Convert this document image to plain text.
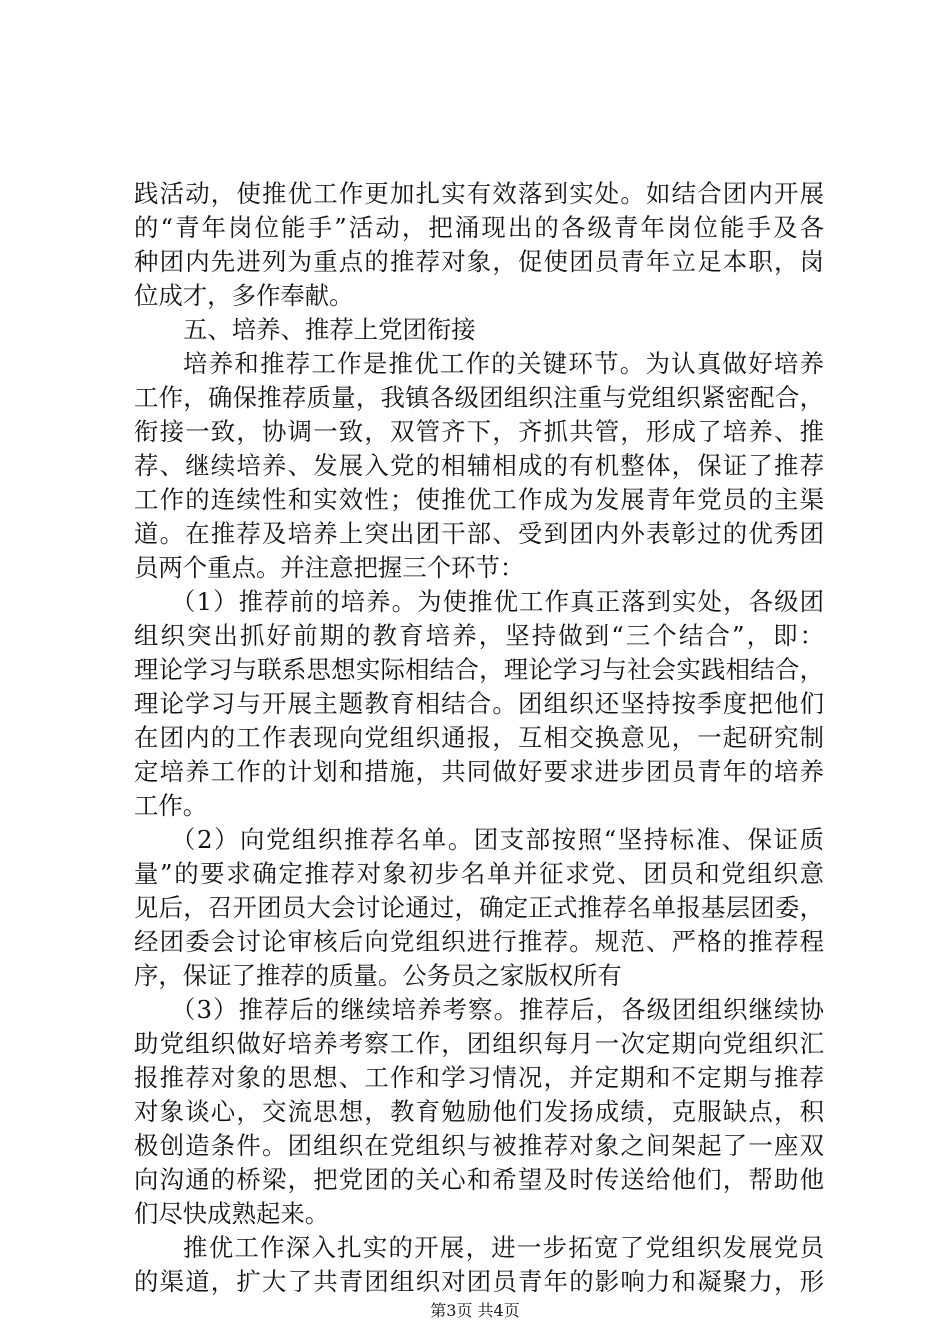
践活动，使推优工作更加扎实有效落到实处。如结合团内开展
的“青年岗位能手”活动，把涌现出的各级青年岗位能手及各
种团内先进列为重点的推荐对象，促使团员青年立足本职，岗
位成才，多作奉献。
五、培养、推荐上党团衔接
培养和推荐工作是推优工作的关键环节。为认真做好培养
工作，确保推荐质量，我镇各级团组织注重与党组织紧密配合，
衔接一致，协调一致，双管齐下，齐抓共管，形成了培养、推
荐、继续培养、发展入党的相辅相成的有机整体，保证了推荐
工作的连续性和实效性；使推优工作成为发展青年党员的主渠
道。在推荐及培养上突出团干部、受到团内外表彰过的优秀团
员两个重点。并注意把握三个环节：
（1）推荐前的培养。为使推优工作真正落到实处，各级团
组织突出抓好前期的教育培养，坚持做到“三个结合”，即：
理论学习与联系思想实际相结合，理论学习与社会实践相结合，
理论学习与开展主题教育相结合。团组织还坚持按季度把他们
在团内的工作表现向党组织通报，互相交换意见，一起研究制
定培养工作的计划和措施，共同做好要求进步团员青年的培养
工作。
（2）向党组织推荐名单。团支部按照“坚持标准、保证质
量”的要求确定推荐对象初步名单并征求党、团员和党组织意
见后，召开团员大会讨论通过，确定正式推荐名单报基层团委，
经团委会讨论审核后向党组织进行推荐。规范、严格的推荐程
序，保证了推荐的质量。公务员之家版权所有
（3）推荐后的继续培养考察。推荐后，各级团组织继续协
助党组织做好培养考察工作，团组织每月一次定期向党组织汇
报推荐对象的思想、工作和学习情况，并定期和不定期与推荐
对象谈心，交流思想，教育勉励他们发扬成绩，克服缺点，积
极创造条件。团组织在党组织与被推荐对象之间架起了一座双
向沟通的桥梁，把党团的关心和希望及时传送给他们，帮助他
们尽快成熟起来。
推优工作深入扎实的开展，进一步拓宽了党组织发展党员
的渠道，扩大了共青团组织对团员青年的影响力和凝聚力，形
第3页 共4页
